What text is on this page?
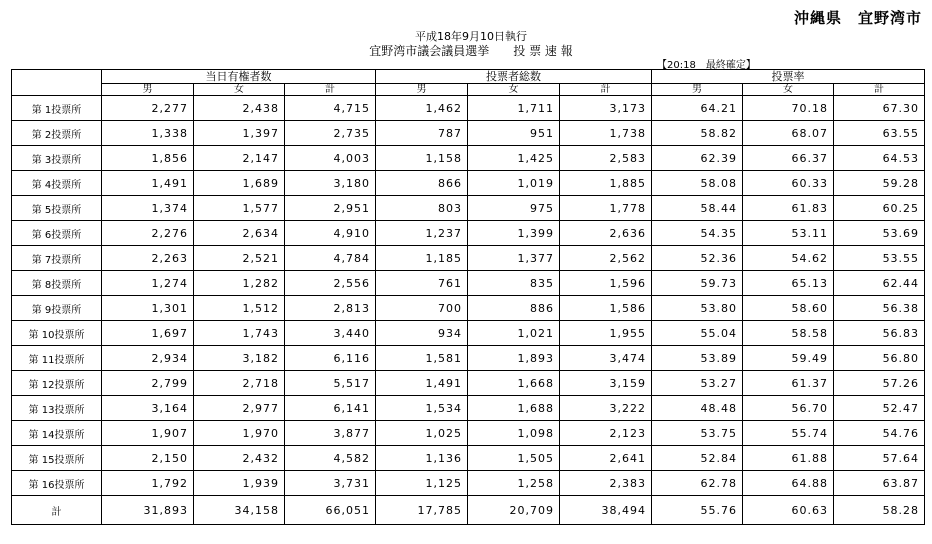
沖縄県　宜野湾市
平成18年9月10日執行
宜野湾市議会議員選挙　　投 票 速 報
【20:18　最終確定】
	当日有権者数			投票者総数			投票率		
	男	女	計	男	女	計	男	女	計
第 1投票所	2,277	2,438	4,715	1,462	1,711	3,173	64.21	70.18	67.30
第 2投票所	1,338	1,397	2,735	787	951	1,738	58.82	68.07	63.55
第 3投票所	1,856	2,147	4,003	1,158	1,425	2,583	62.39	66.37	64.53
第 4投票所	1,491	1,689	3,180	866	1,019	1,885	58.08	60.33	59.28
第 5投票所	1,374	1,577	2,951	803	975	1,778	58.44	61.83	60.25
第 6投票所	2,276	2,634	4,910	1,237	1,399	2,636	54.35	53.11	53.69
第 7投票所	2,263	2,521	4,784	1,185	1,377	2,562	52.36	54.62	53.55
第 8投票所	1,274	1,282	2,556	761	835	1,596	59.73	65.13	62.44
第 9投票所	1,301	1,512	2,813	700	886	1,586	53.80	58.60	56.38
第 10投票所	1,697	1,743	3,440	934	1,021	1,955	55.04	58.58	56.83
第 11投票所	2,934	3,182	6,116	1,581	1,893	3,474	53.89	59.49	56.80
第 12投票所	2,799	2,718	5,517	1,491	1,668	3,159	53.27	61.37	57.26
第 13投票所	3,164	2,977	6,141	1,534	1,688	3,222	48.48	56.70	52.47
第 14投票所	1,907	1,970	3,877	1,025	1,098	2,123	53.75	55.74	54.76
第 15投票所	2,150	2,432	4,582	1,136	1,505	2,641	52.84	61.88	57.64
第 16投票所	1,792	1,939	3,731	1,125	1,258	2,383	62.78	64.88	63.87
計	31,893	34,158	66,051	17,785	20,709	38,494	55.76	60.63	58.28
